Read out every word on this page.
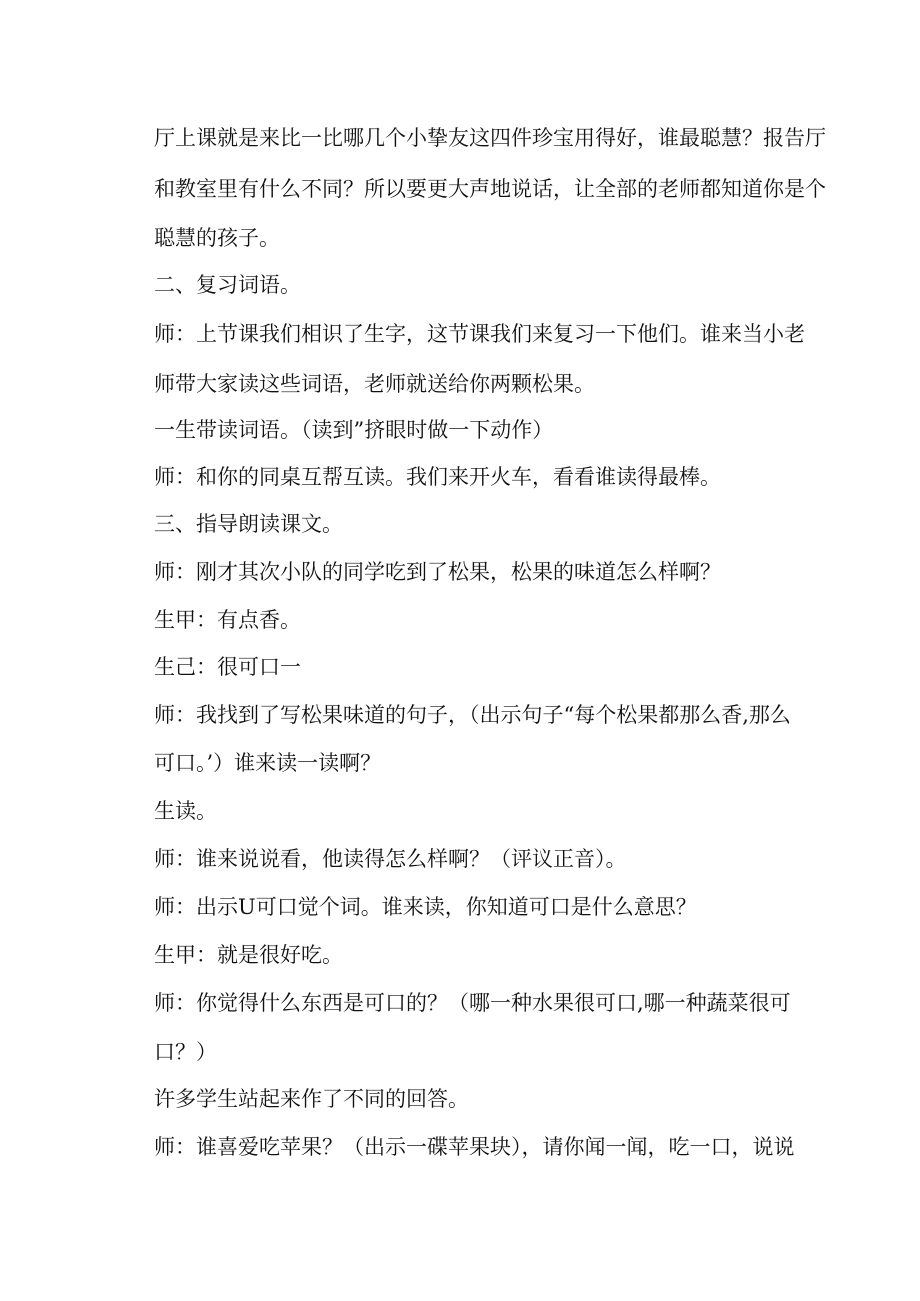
厅上课就是来比一比哪几个小挚友这四件珍宝用得好，谁最聪慧？报告厅
和教室里有什么不同？所以要更大声地说话，让全部的老师都知道你是个
聪慧的孩子。
二、复习词语。
师：上节课我们相识了生字，这节课我们来复习一下他们。谁来当小老
师带大家读这些词语，老师就送给你两颗松果。
一生带读词语。（读到”挤眼时做一下动作）
师：和你的同桌互帮互读。我们来开火车，看看谁读得最棒。
三、指导朗读课文。
师：刚才其次小队的同学吃到了松果，松果的味道怎么样啊？
生甲：有点香。
生己：很可口一
师：我找到了写松果味道的句子，（出示句子“每个松果都那么香,那么
可口。’）谁来读一读啊？
生读。
师：谁来说说看，他读得怎么样啊？（评议正音）。
师：出示U可口觉个词。谁来读，你知道可口是什么意思？
生甲：就是很好吃。
师：你觉得什么东西是可口的？（哪一种水果很可口,哪一种蔬菜很可
口？）
许多学生站起来作了不同的回答。
师：谁喜爱吃苹果？（出示一碟苹果块），请你闻一闻，吃一口，说说
